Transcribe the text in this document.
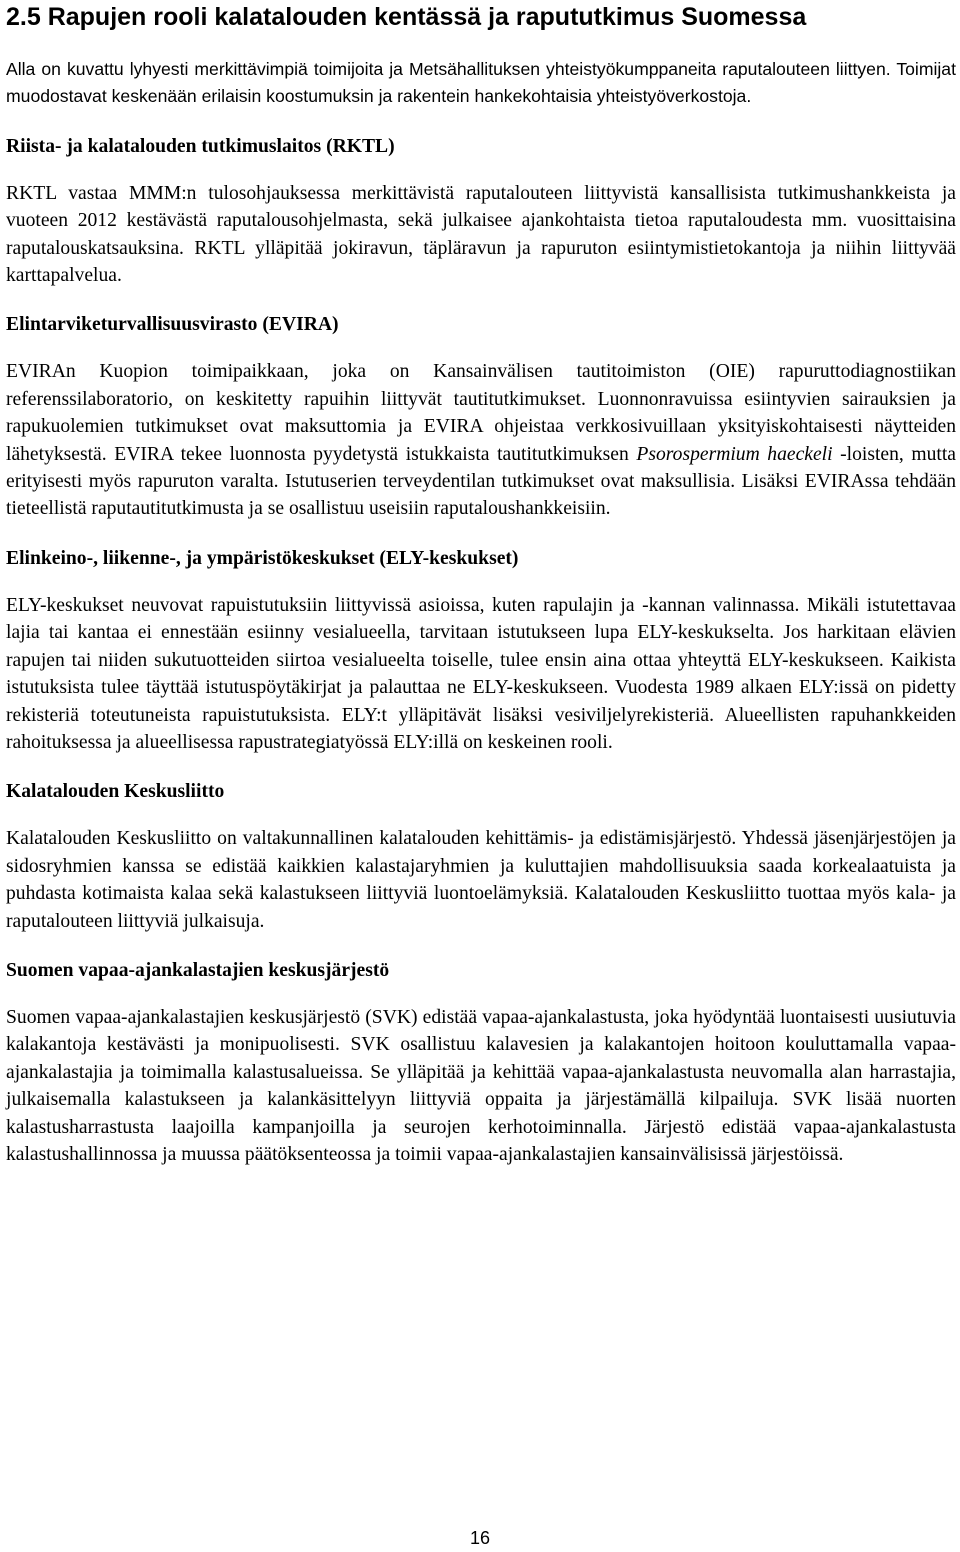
2.5 Rapujen rooli kalatalouden kentässä ja rapututkimus Suomessa

Alla on kuvattu lyhyesti merkittävimpiä toimijoita ja Metsähallituksen yhteistyökumppaneita raputalouteen liittyen. Toimijat muodostavat keskenään erilaisin koostumuksin ja rakentein hankekohtaisia yhteistyöverkostoja.

Riista- ja kalatalouden tutkimuslaitos (RKTL)

RKTL vastaa MMM:n tulosohjauksessa merkittävistä raputalouteen liittyvistä kansallisista tutkimushankkeista ja vuoteen 2012 kestävästä raputalousohjelmasta, sekä julkaisee ajankohtaista tietoa raputaloudesta mm. vuosittaisina raputalouskatsauksina. RKTL ylläpitää jokiravun, täpläravun ja rapuruton esiintymistietokantoja ja niihin liittyvää karttapalvelua.

Elintarviketurvallisuusvirasto (EVIRA)

EVIRAn Kuopion toimipaikkaan, joka on Kansainvälisen tautitoimiston (OIE) rapuruttodiagnostiikan referenssilaboratorio, on keskitetty rapuihin liittyvät tautitutkimukset. Luonnonravuissa esiintyvien sairauksien ja rapukuolemien tutkimukset ovat maksuttomia ja EVIRA ohjeistaa verkkosivuillaan yksityiskohtaisesti näytteiden lähetyksestä. EVIRA tekee luonnosta pyydetystä istukkaista tautitutkimuksen Psorospermium haeckeli -loisten, mutta erityisesti myös rapuruton varalta. Istutuserien terveydentilan tutkimukset ovat maksullisia. Lisäksi EVIRAssa tehdään tieteellistä raputautitutkimusta ja se osallistuu useisiin raputaloushankkeisiin.

Elinkeino-, liikenne-, ja ympäristökeskukset (ELY-keskukset)

ELY-keskukset neuvovat rapuistutuksiin liittyvissä asioissa, kuten rapulajin ja -kannan valinnassa. Mikäli istutettavaa lajia tai kantaa ei ennestään esiinny vesialueella, tarvitaan istutukseen lupa ELY-keskukselta. Jos harkitaan elävien rapujen tai niiden sukutuotteiden siirtoa vesialueelta toiselle, tulee ensin aina ottaa yhteyttä ELY-keskukseen. Kaikista istutuksista tulee täyttää istutuspöytäkirjat ja palauttaa ne ELY-keskukseen. Vuodesta 1989 alkaen ELY:issä on pidetty rekisteriä toteutuneista rapuistutuksista. ELY:t ylläpitävät lisäksi vesiviljelyrekisteriä. Alueellisten rapuhankkeiden rahoituksessa ja alueellisessa rapustrategiatyössä ELY:illä on keskeinen rooli.

Kalatalouden Keskusliitto

Kalatalouden Keskusliitto on valtakunnallinen kalatalouden kehittämis- ja edistämisjärjestö. Yhdessä jäsenjärjestöjen ja sidosryhmien kanssa se edistää kaikkien kalastajaryhmien ja kuluttajien mahdollisuuksia saada korkealaatuista ja puhdasta kotimaista kalaa sekä kalastukseen liittyviä luontoelämyksiä. Kalatalouden Keskusliitto tuottaa myös kala- ja raputalouteen liittyviä julkaisuja.

Suomen vapaa-ajankalastajien keskusjärjestö

Suomen vapaa-ajankalastajien keskusjärjestö (SVK) edistää vapaa-ajankalastusta, joka hyödyntää luontaisesti uusiutuvia kalakantoja kestävästi ja monipuolisesti. SVK osallistuu kalavesien ja kalakantojen hoitoon kouluttamalla vapaa-ajankalastajia ja toimimalla kalastusalueissa. Se ylläpitää ja kehittää vapaa-ajankalastusta neuvomalla alan harrastajia, julkaisemalla kalastukseen ja kalankäsittelyyn liittyviä oppaita ja järjestämällä kilpailuja. SVK lisää nuorten kalastusharrastusta laajoilla kampanjoilla ja seurojen kerhotoiminnalla. Järjestö edistää vapaa-ajankalastusta kalastushallinnossa ja muussa päätöksenteossa ja toimii vapaa-ajankalastajien kansainvälisissä järjestöissä.

16
